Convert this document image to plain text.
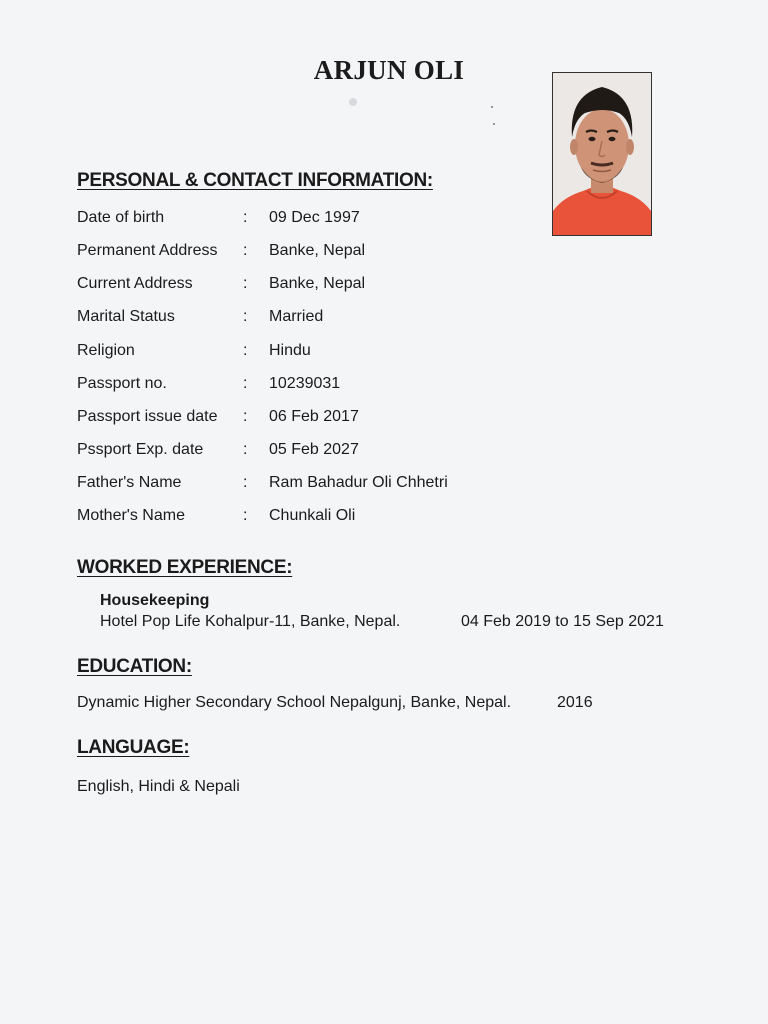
ARJUN OLI
PERSONAL & CONTACT INFORMATION:
Date of birth	: 09 Dec 1997
Permanent Address	: Banke, Nepal
Current Address	: Banke, Nepal
Marital Status	: Married
Religion	: Hindu
Passport no.	: 10239031
Passport issue date	: 06 Feb 2017
Pssport Exp. date	: 05 Feb 2027
Father's Name	: Ram Bahadur Oli Chhetri
Mother's Name	: Chunkali Oli
WORKED EXPERIENCE:
Housekeeping
Hotel Pop Life Kohalpur-11, Banke, Nepal.	04 Feb 2019 to 15 Sep 2021
EDUCATION:
Dynamic Higher Secondary School Nepalgunj, Banke, Nepal.	2016
LANGUAGE:
English, Hindi & Nepali
